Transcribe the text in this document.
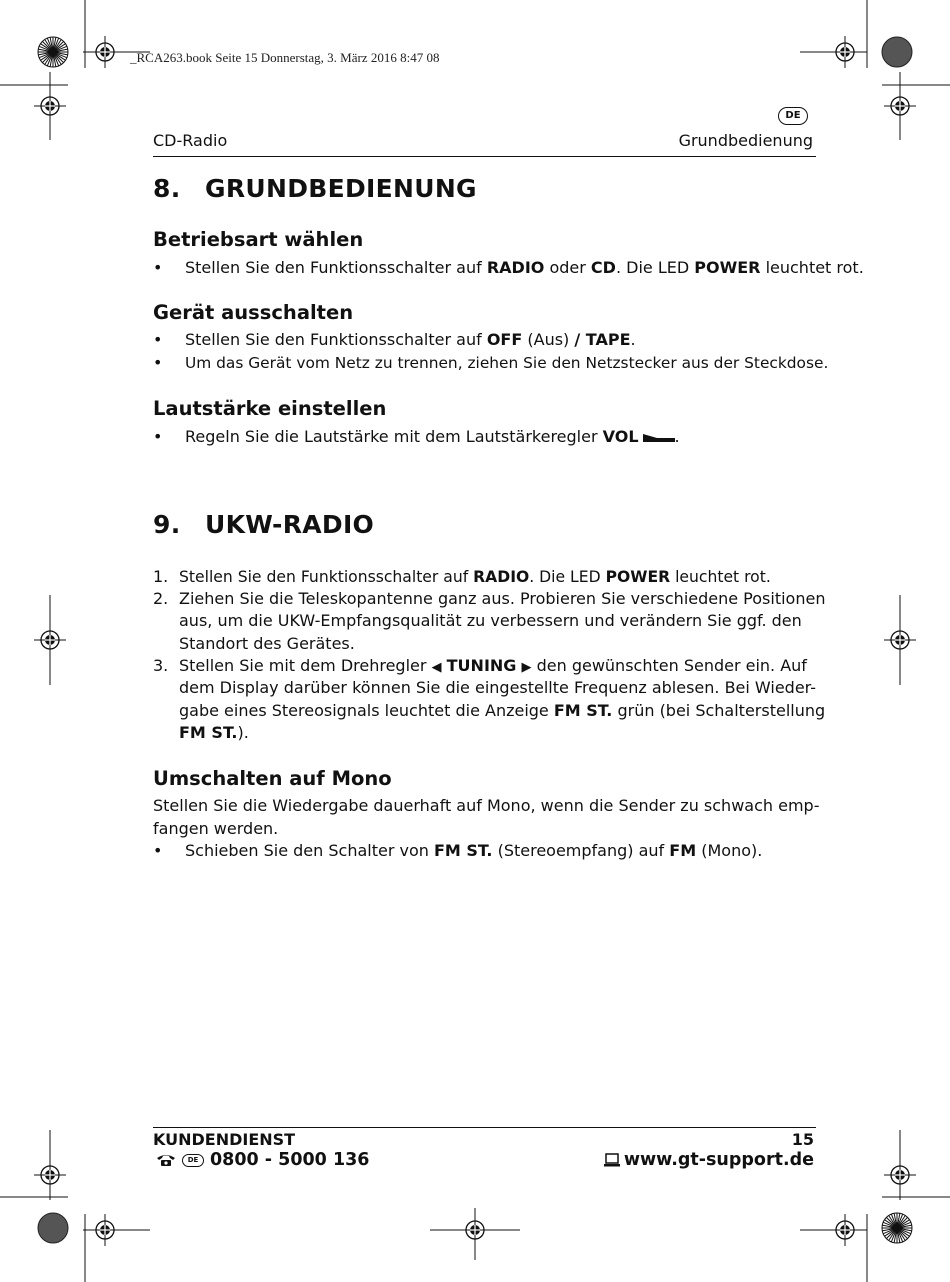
_RCA263.book Seite 15 Donnerstag, 3. März 2016 8:47 08
DE
CD-Radio	Grundbedienung
8. GRUNDBEDIENUNG
Betriebsart wählen
• Stellen Sie den Funktionsschalter auf RADIO oder CD. Die LED POWER leuchtet rot.
Gerät ausschalten
• Stellen Sie den Funktionsschalter auf OFF (Aus) / TAPE.
• Um das Gerät vom Netz zu trennen, ziehen Sie den Netzstecker aus der Steckdose.
Lautstärke einstellen
• Regeln Sie die Lautstärke mit dem Lautstärkeregler VOL .
9. UKW-RADIO
1. Stellen Sie den Funktionsschalter auf RADIO. Die LED POWER leuchtet rot.
2. Ziehen Sie die Teleskopantenne ganz aus. Probieren Sie verschiedene Positionen
aus, um die UKW-Empfangsqualität zu verbessern und verändern Sie ggf. den
Standort des Gerätes.
3. Stellen Sie mit dem Drehregler ◀ TUNING ▶ den gewünschten Sender ein. Auf
dem Display darüber können Sie die eingestellte Frequenz ablesen. Bei Wieder-
gabe eines Stereosignals leuchtet die Anzeige FM ST. grün (bei Schalterstellung
FM ST.).
Umschalten auf Mono
Stellen Sie die Wiedergabe dauerhaft auf Mono, wenn die Sender zu schwach emp-
fangen werden.
• Schieben Sie den Schalter von FM ST. (Stereoempfang) auf FM (Mono).
KUNDENDIENST	15
DE 0800 - 5000 136	www.gt-support.de
